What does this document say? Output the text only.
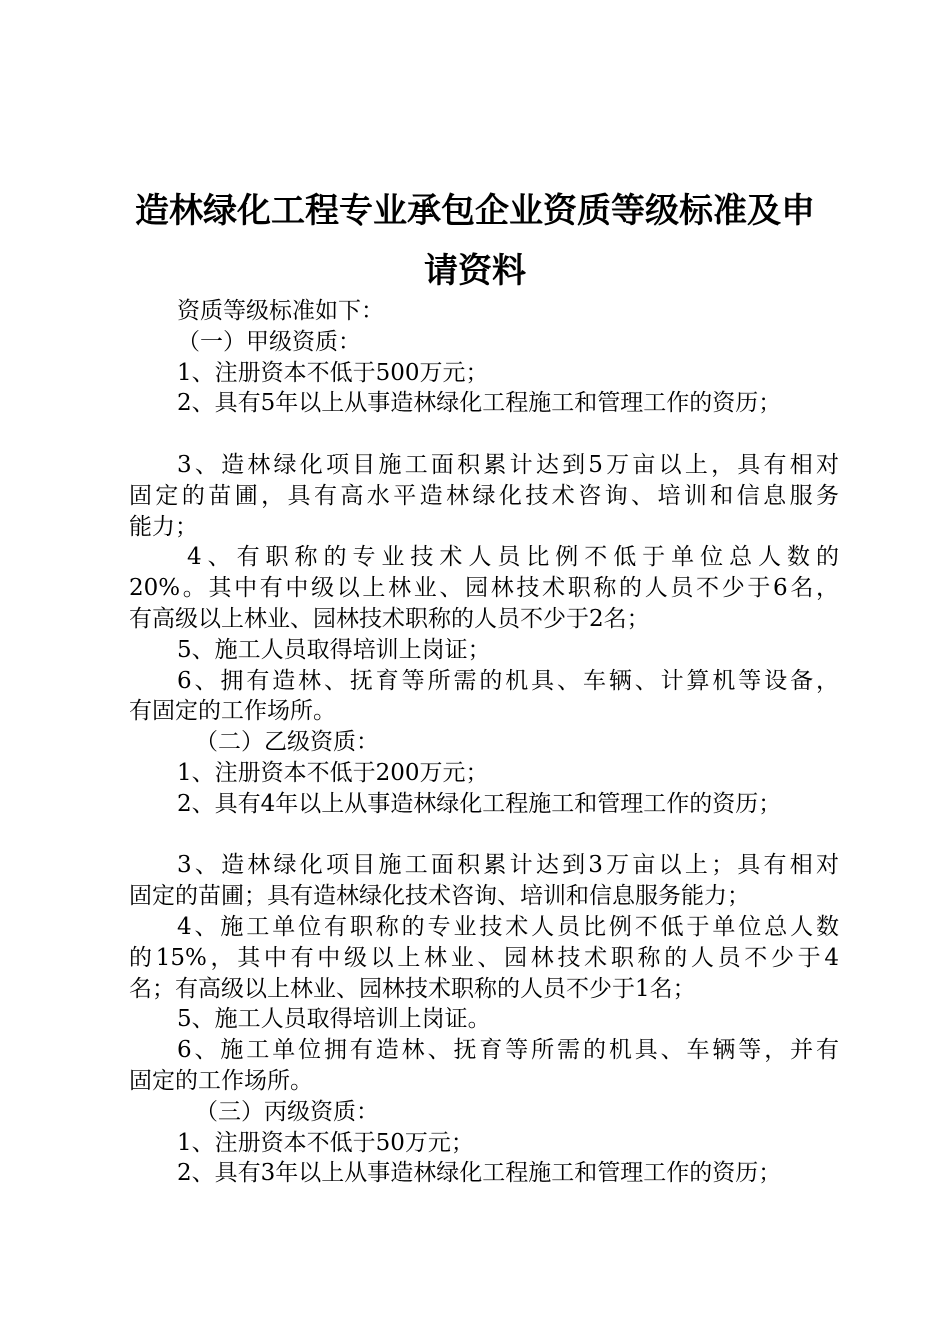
造林绿化工程专业承包企业资质等级标准及申
请资料
资质等级标准如下：
（一）甲级资质：
1、注册资本不低于500万元；
2、具有5年以上从事造林绿化工程施工和管理工作的资历；
3、造林绿化项目施工面积累计达到5万亩以上，具有相对
固定的苗圃，具有高水平造林绿化技术咨询、培训和信息服务
能力；
4、有职称的专业技术人员比例不低于单位总人数的
20%。其中有中级以上林业、园林技术职称的人员不少于6名，
有高级以上林业、园林技术职称的人员不少于2名；
5、施工人员取得培训上岗证；
6、拥有造林、抚育等所需的机具、车辆、计算机等设备，
有固定的工作场所。
（二）乙级资质：
1、注册资本不低于200万元；
2、具有4年以上从事造林绿化工程施工和管理工作的资历；
3、造林绿化项目施工面积累计达到3万亩以上；具有相对
固定的苗圃；具有造林绿化技术咨询、培训和信息服务能力；
4、施工单位有职称的专业技术人员比例不低于单位总人数
的15%，其中有中级以上林业、园林技术职称的人员不少于4
名；有高级以上林业、园林技术职称的人员不少于1名；
5、施工人员取得培训上岗证。
6、施工单位拥有造林、抚育等所需的机具、车辆等，并有
固定的工作场所。
（三）丙级资质：
1、注册资本不低于50万元；
2、具有3年以上从事造林绿化工程施工和管理工作的资历；
